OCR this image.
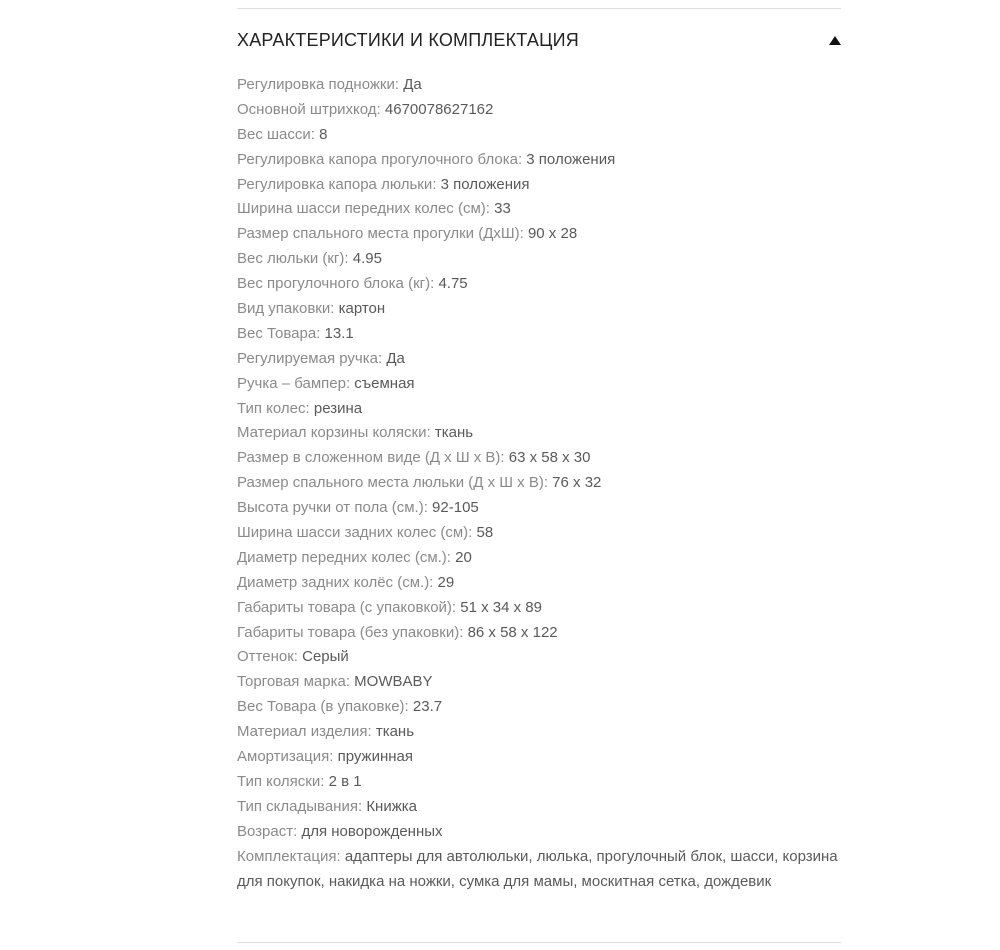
ХАРАКТЕРИСТИКИ И КОМПЛЕКТАЦИЯ
Регулировка подножки: Да
Основной штрихкод: 4670078627162
Вес шасси: 8
Регулировка капора прогулочного блока: 3 положения
Регулировка капора люльки: 3 положения
Ширина шасси передних колес (см): 33
Размер спального места прогулки (ДхШ): 90 x 28
Вес люльки (кг): 4.95
Вес прогулочного блока (кг): 4.75
Вид упаковки: картон
Вес Товара: 13.1
Регулируемая ручка: Да
Ручка – бампер: съемная
Тип колес: резина
Материал корзины коляски: ткань
Размер в сложенном виде (Д х Ш х В): 63 х 58 х 30
Размер спального места люльки (Д х Ш х В): 76 х 32
Высота ручки от пола (см.): 92-105
Ширина шасси задних колес (см): 58
Диаметр передних колес (см.): 20
Диаметр задних колёс (см.): 29
Габариты товара (с упаковкой): 51 х 34 х 89
Габариты товара (без упаковки): 86 х 58 х 122
Оттенок: Серый
Торговая марка: MOWBABY
Вес Товара (в упаковке): 23.7
Материал изделия: ткань
Амортизация: пружинная
Тип коляски: 2 в 1
Тип складывания: Книжка
Возраст: для новорожденных
Комплектация: адаптеры для автолюльки, люлька, прогулочный блок, шасси, корзина для покупок, накидка на ножки, сумка для мамы, москитная сетка, дождевик
